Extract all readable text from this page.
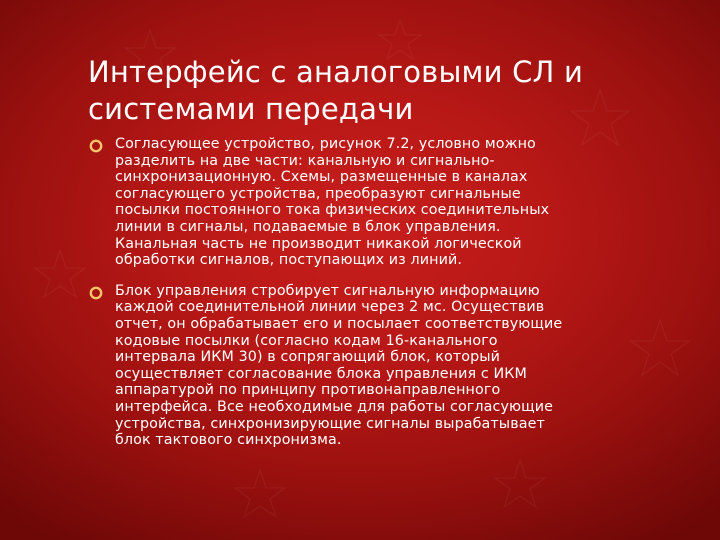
Интерфейс с аналоговыми СЛ и
системами передачи
Согласующее устройство, рисунок 7.2, условно можно
разделить на две части: канальную и сигнально-
синхронизационную. Схемы, размещенные в каналах
согласующего устройства, преобразуют сигнальные
посылки постоянного тока физических соединительных
линии в сигналы, подаваемые в блок управления.
Канальная часть не производит никакой логической
обработки сигналов, поступающих из линий.
Блок управления стробирует сигнальную информацию
каждой соединительной линии через 2 мс. Осуществив
отчет, он обрабатывает его и посылает соответствующие
кодовые посылки (согласно кодам 16-канального
интервала ИКМ 30) в сопрягающий блок, который
осуществляет согласование блока управления с ИКМ
аппаратурой по принципу противонаправленного
интерфейса. Все необходимые для работы согласующие
устройства, синхронизирующие сигналы вырабатывает
блок тактового синхронизма.
